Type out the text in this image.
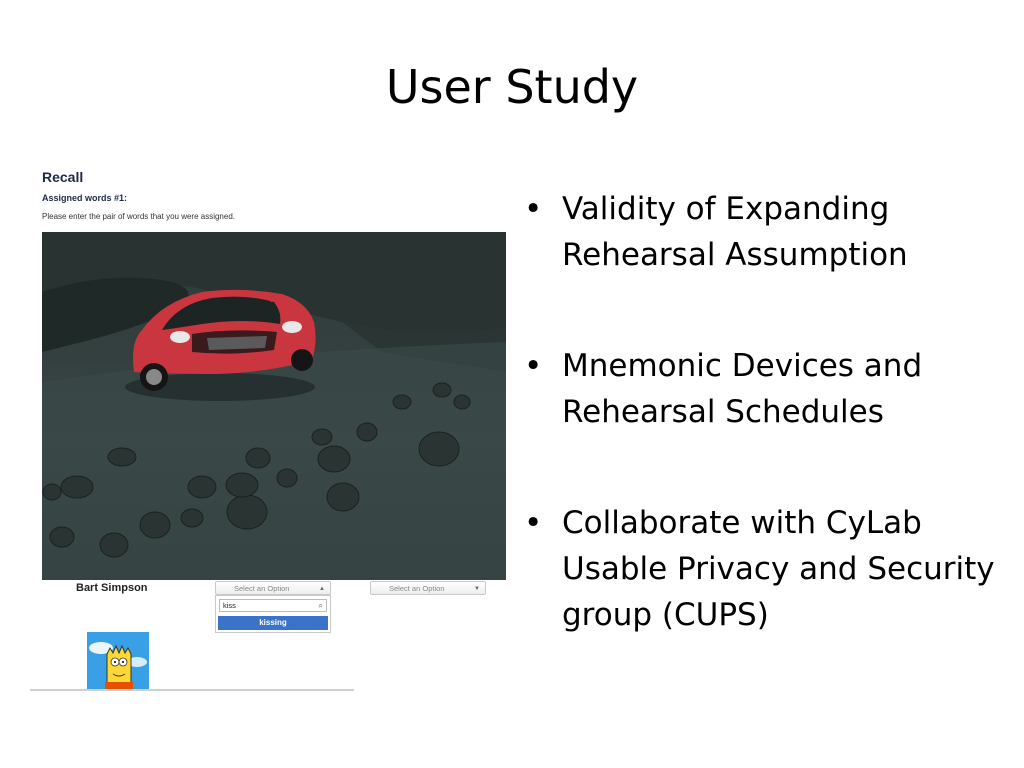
User Study
Recall
Assigned words #1:
Please enter the pair of words that you were assigned.
Bart Simpson	Select an Option	▲
kiss	⌕
kissing
Select an Option	▼
• Validity of Expanding Rehearsal Assumption
• Mnemonic Devices and Rehearsal Schedules
• Collaborate with CyLab Usable Privacy and Security group (CUPS)
